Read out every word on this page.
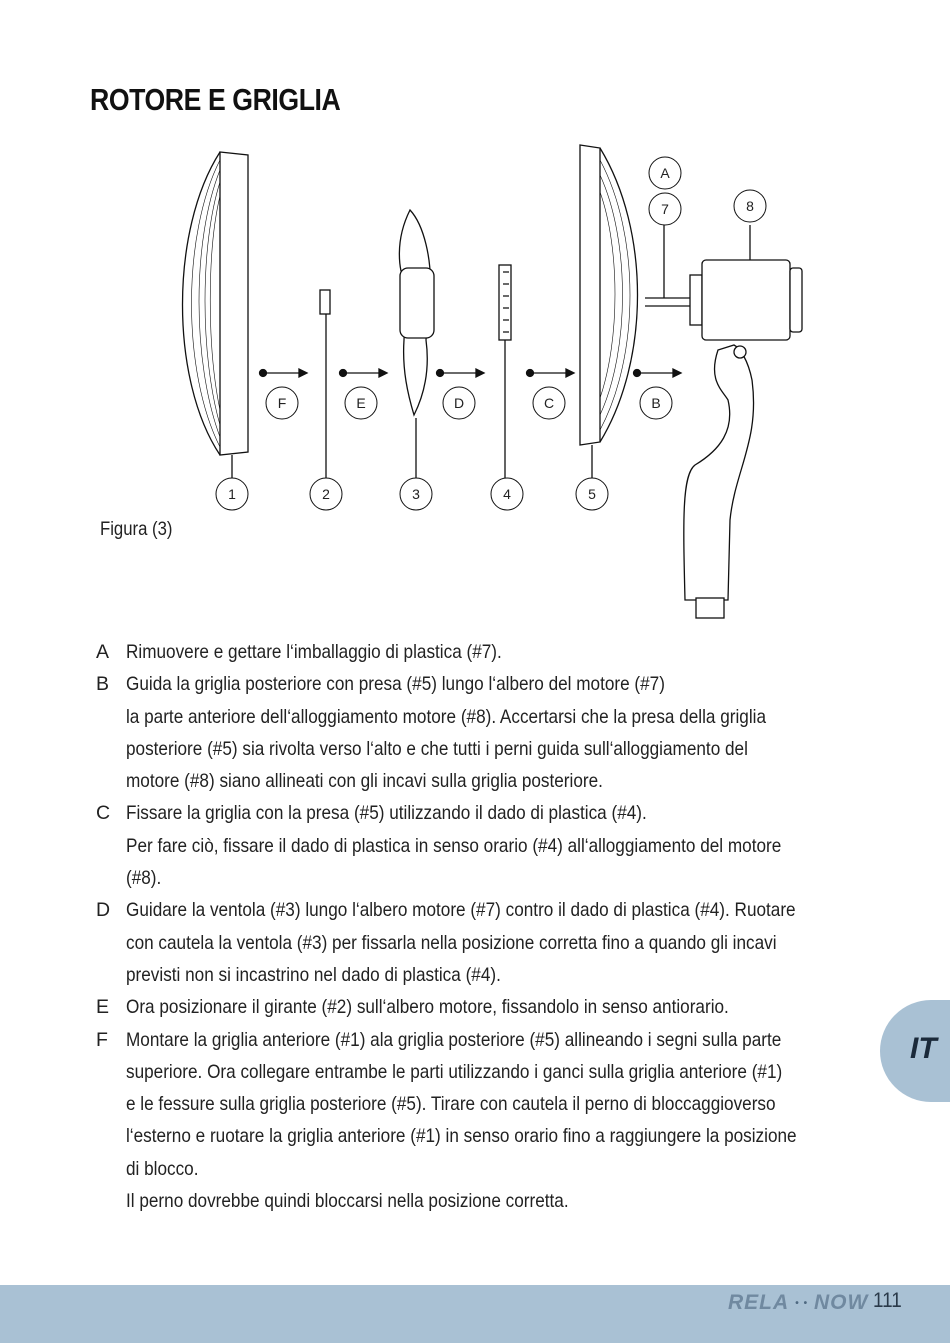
ROTORE E GRIGLIA
F	E	D	C	B
A
7	8
1	2	3	4	5
Figura (3)
A Rimuovere e gettare l‘imballaggio di plastica (#7).
B Guida la griglia posteriore con presa (#5) lungo l‘albero del motore (#7)
la parte anteriore dell‘alloggiamento motore (#8). Accertarsi che la presa della griglia
posteriore (#5) sia rivolta verso l‘alto e che tutti i perni guida sull‘alloggiamento del
motore (#8) siano allineati con gli incavi sulla griglia posteriore.
C Fissare la griglia con la presa (#5) utilizzando il dado di plastica (#4).
Per fare ciò, fissare il dado di plastica in senso orario (#4) all‘alloggiamento del motore
(#8).
D Guidare la ventola (#3) lungo l‘albero motore (#7) contro il dado di plastica (#4). Ruotare
con cautela la ventola (#3) per fissarla nella posizione corretta fino a quando gli incavi
previsti non si incastrino nel dado di plastica (#4).
E Ora posizionare il girante (#2) sull‘albero motore, fissandolo in senso antiorario.
F Montare la griglia anteriore (#1) ala griglia posteriore (#5) allineando i segni sulla parte
superiore. Ora collegare entrambe le parti utilizzando i ganci sulla griglia anteriore (#1)
e le fessure sulla griglia posteriore (#5). Tirare con cautela il perno di bloccaggioverso
l‘esterno e ruotare la griglia anteriore (#1) in senso orario fino a raggiungere la posizione
di blocco.
Il perno dovrebbe quindi bloccarsi nella posizione corretta.
IT
RELA • • NOW 111
